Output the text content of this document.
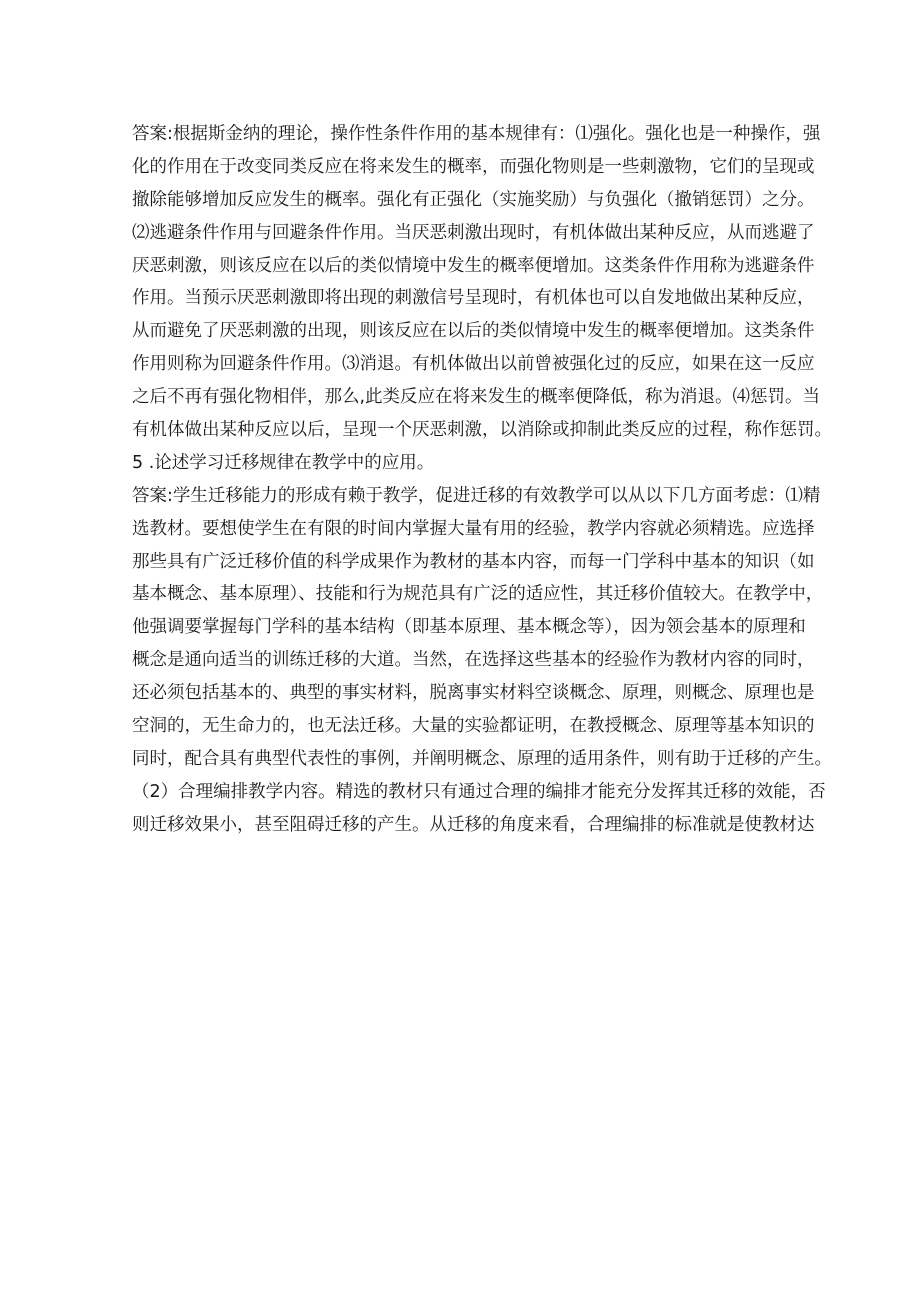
答案:根据斯金纳的理论，操作性条件作用的基本规律有：⑴强化。强化也是一种操作，强
化的作用在于改变同类反应在将来发生的概率，而强化物则是一些刺激物，它们的呈现或
撤除能够增加反应发生的概率。强化有正强化（实施奖励）与负强化（撤销惩罚）之分。
⑵逃避条件作用与回避条件作用。当厌恶刺激出现时，有机体做出某种反应，从而逃避了
厌恶刺激，则该反应在以后的类似情境中发生的概率便增加。这类条件作用称为逃避条件
作用。当预示厌恶刺激即将出现的刺激信号呈现时，有机体也可以自发地做出某种反应，
从而避免了厌恶刺激的出现，则该反应在以后的类似情境中发生的概率便增加。这类条件
作用则称为回避条件作用。⑶消退。有机体做出以前曾被强化过的反应，如果在这一反应
之后不再有强化物相伴，那么,此类反应在将来发生的概率便降低，称为消退。⑷惩罚。当
有机体做出某种反应以后，呈现一个厌恶刺激，以消除或抑制此类反应的过程，称作惩罚。
5 .论述学习迁移规律在教学中的应用。
答案:学生迁移能力的形成有赖于教学，促进迁移的有效教学可以从以下几方面考虑：⑴精
选教材。要想使学生在有限的时间内掌握大量有用的经验，教学内容就必须精选。应选择
那些具有广泛迁移价值的科学成果作为教材的基本内容，而每一门学科中基本的知识（如
基本概念、基本原理）、技能和行为规范具有广泛的适应性，其迁移价值较大。在教学中，
他强调要掌握每门学科的基本结构（即基本原理、基本概念等），因为领会基本的原理和
概念是通向适当的训练迁移的大道。当然，在选择这些基本的经验作为教材内容的同时，
还必须包括基本的、典型的事实材料，脱离事实材料空谈概念、原理，则概念、原理也是
空洞的，无生命力的，也无法迁移。大量的实验都证明，在教授概念、原理等基本知识的
同时，配合具有典型代表性的事例，并阐明概念、原理的适用条件，则有助于迁移的产生。
（2）合理编排教学内容。精选的教材只有通过合理的编排才能充分发挥其迁移的效能，否
则迁移效果小，甚至阻碍迁移的产生。从迁移的角度来看，合理编排的标准就是使教材达
